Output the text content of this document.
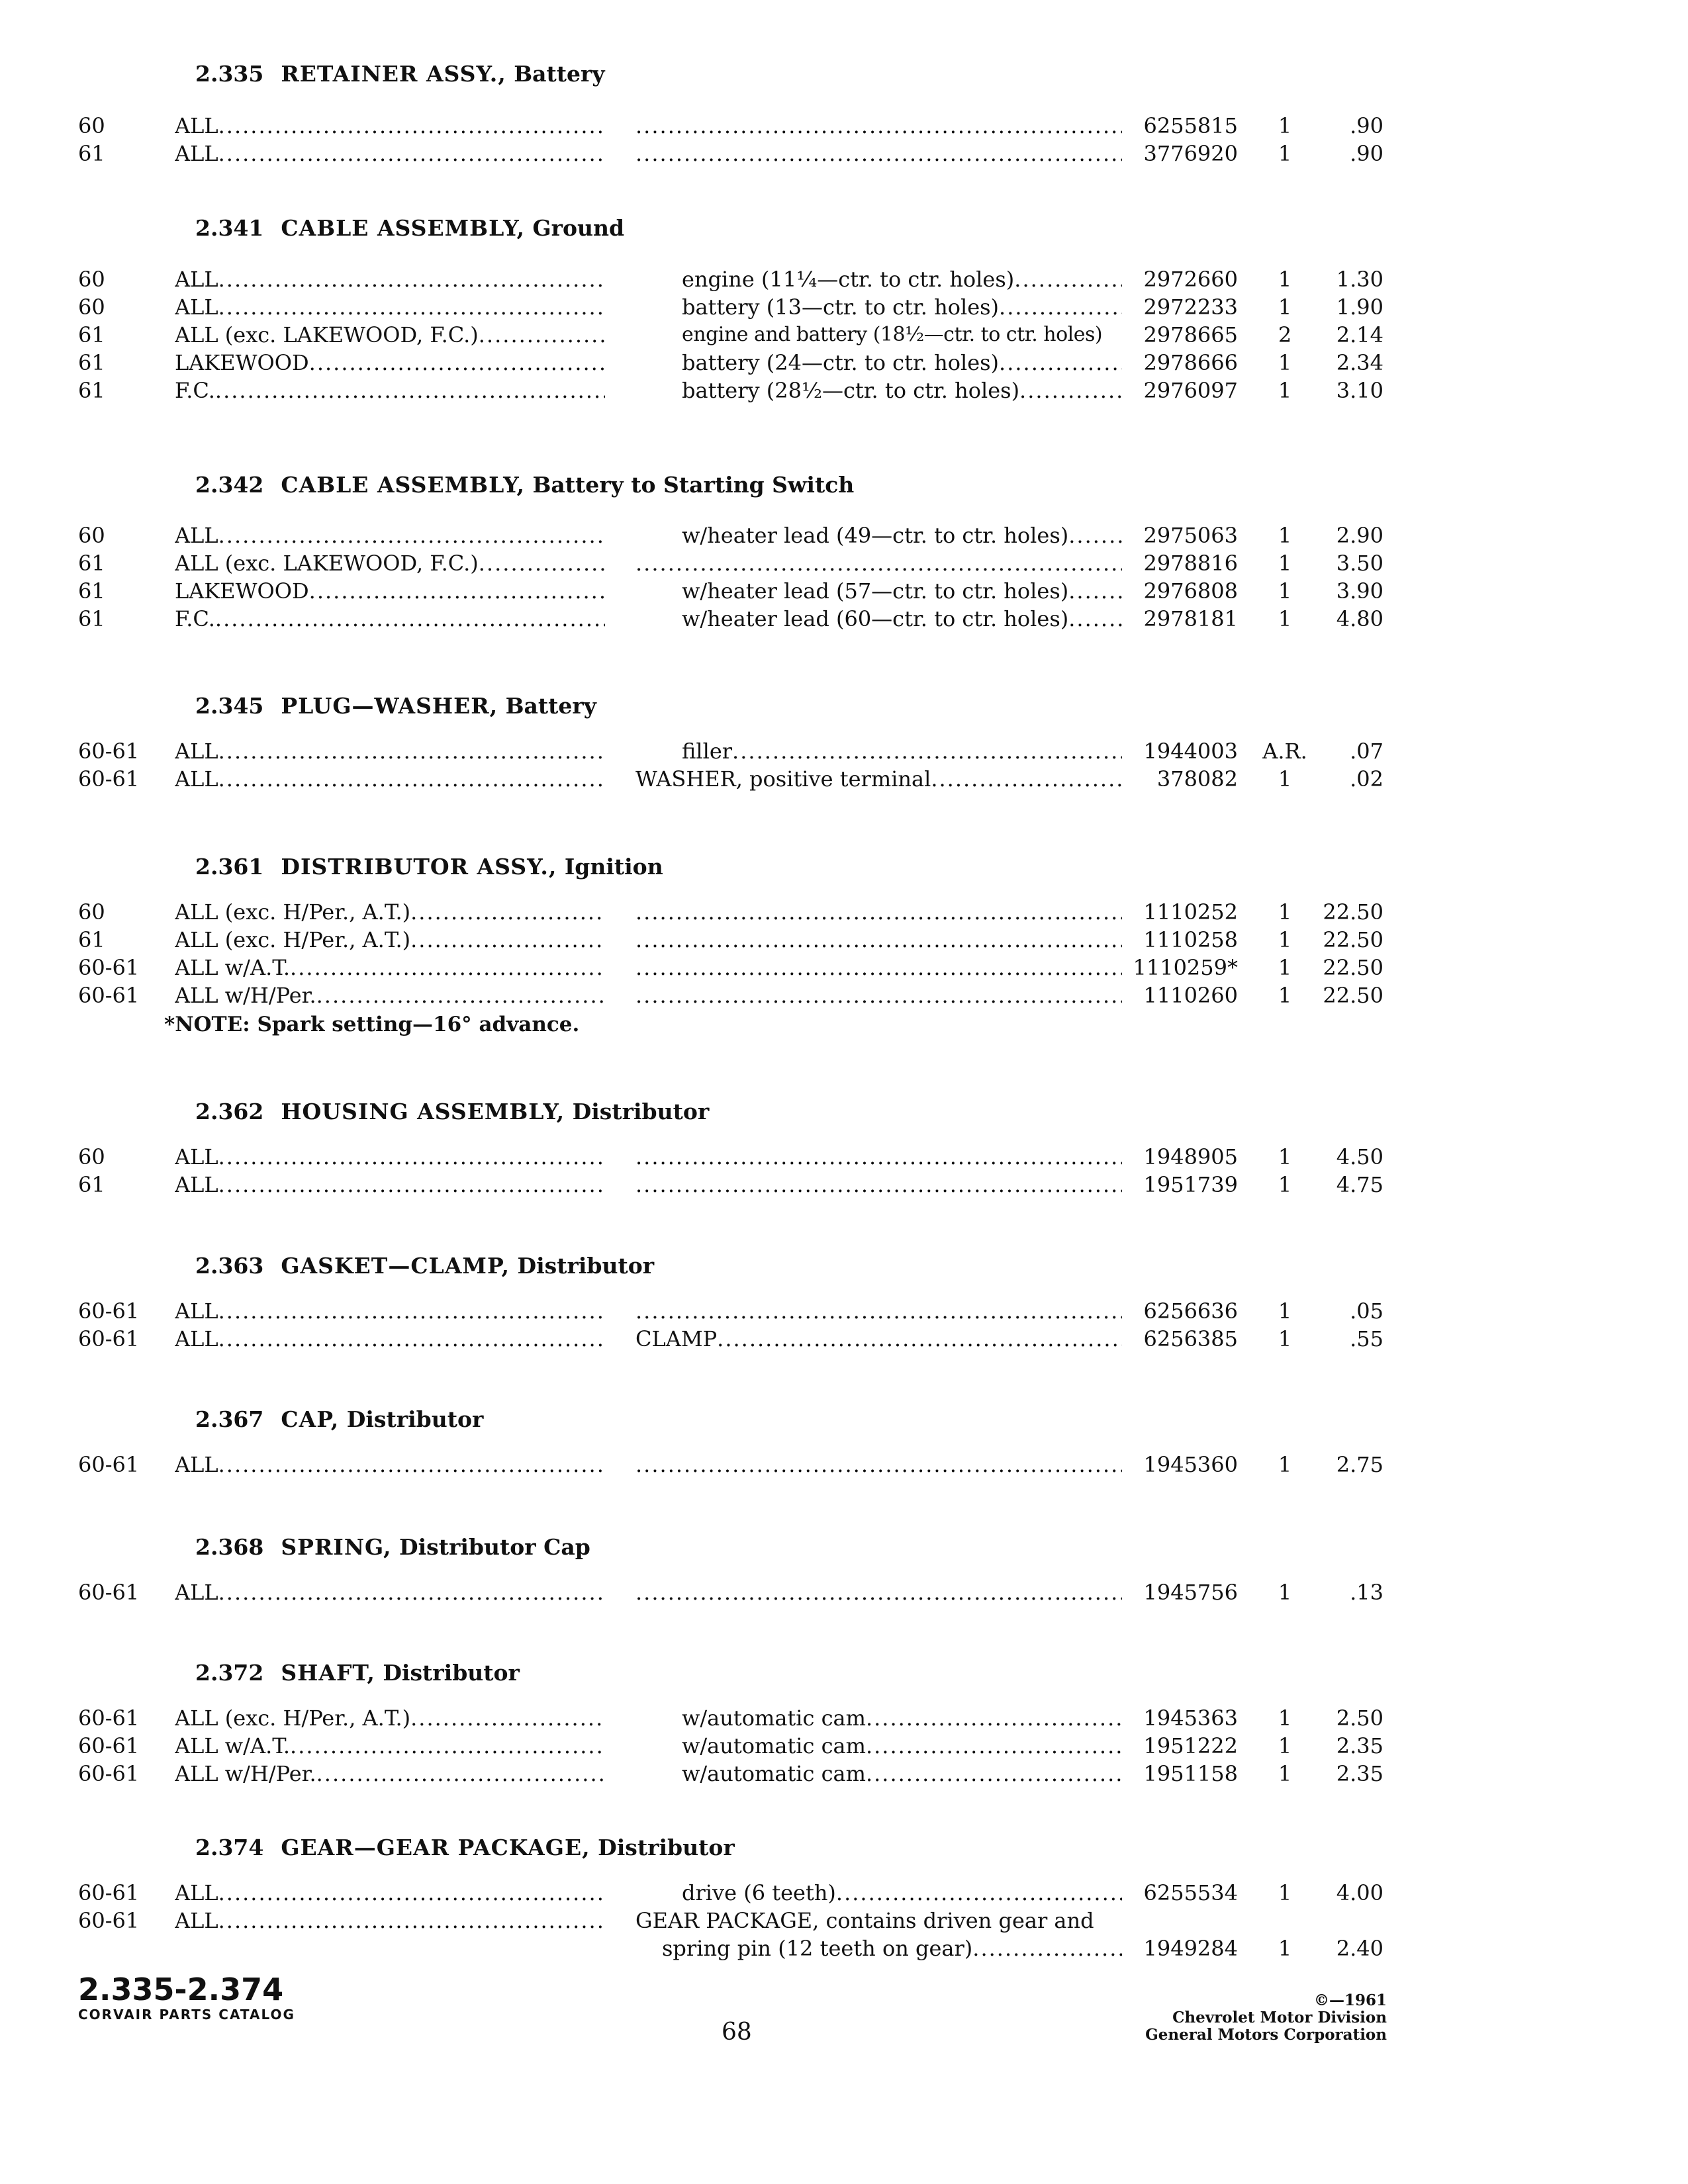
2.335 RETAINER ASSY., Battery
60	ALL ..... .....	6255815	1	.90
61	ALL ..... .....	3776920	1	.90
2.341 CABLE ASSEMBLY, Ground
60	ALL .....	engine (11¼—ctr. to ctr. holes) .....	2972660	1	1.30
60	ALL .....	battery (13—ctr. to ctr. holes) .....	2972233	1	1.90
61	ALL (exc. LAKEWOOD, F.C.) .....	engine and battery (18½—ctr. to ctr. holes)	2978665	2	2.14
61	LAKEWOOD .....	battery (24—ctr. to ctr. holes) .....	2978666	1	2.34
61	F.C. .....	battery (28½—ctr. to ctr. holes) .....	2976097	1	3.10
2.342 CABLE ASSEMBLY, Battery to Starting Switch
60	ALL .....	w/heater lead (49—ctr. to ctr. holes) .....	2975063	1	2.90
61	ALL (exc. LAKEWOOD, F.C.) ..... .....	2978816	1	3.50
61	LAKEWOOD .....	w/heater lead (57—ctr. to ctr. holes) .....	2976808	1	3.90
61	F.C. .....	w/heater lead (60—ctr. to ctr. holes) .....	2978181	1	4.80
2.345 PLUG—WASHER, Battery
60-61	ALL .....	filler .....	1944003	A.R.	.07
60-61	ALL .....	WASHER, positive terminal .....	378082	1	.02
2.361 DISTRIBUTOR ASSY., Ignition
60	ALL (exc. H/Per., A.T.) ..... .....	1110252	1	22.50
61	ALL (exc. H/Per., A.T.) ..... .....	1110258	1	22.50
60-61	ALL w/A.T. ..... .....	1110259*	1	22.50
60-61	ALL w/H/Per. ..... .....	1110260	1	22.50
*NOTE: Spark setting—16° advance.
2.362 HOUSING ASSEMBLY, Distributor
60	ALL ..... .....	1948905	1	4.50
61	ALL ..... .....	1951739	1	4.75
2.363 GASKET—CLAMP, Distributor
60-61	ALL ..... .....	6256636	1	.05
60-61	ALL .....	CLAMP .....	6256385	1	.55
2.367 CAP, Distributor
60-61	ALL ..... .....	1945360	1	2.75
2.368 SPRING, Distributor Cap
60-61	ALL ..... .....	1945756	1	.13
2.372 SHAFT, Distributor
60-61	ALL (exc. H/Per., A.T.) .....	w/automatic cam .....	1945363	1	2.50
60-61	ALL w/A.T. .....	w/automatic cam .....	1951222	1	2.35
60-61	ALL w/H/Per. .....	w/automatic cam .....	1951158	1	2.35
2.374 GEAR—GEAR PACKAGE, Distributor
60-61	ALL .....	drive (6 teeth) .....	6255534	1	4.00
60-61	ALL .....	GEAR PACKAGE, contains driven gear and
spring pin (12 teeth on gear) .....	1949284	1	2.40
2.335-2.374
CORVAIR PARTS CATALOG
68
©—1961
Chevrolet Motor Division
General Motors Corporation
